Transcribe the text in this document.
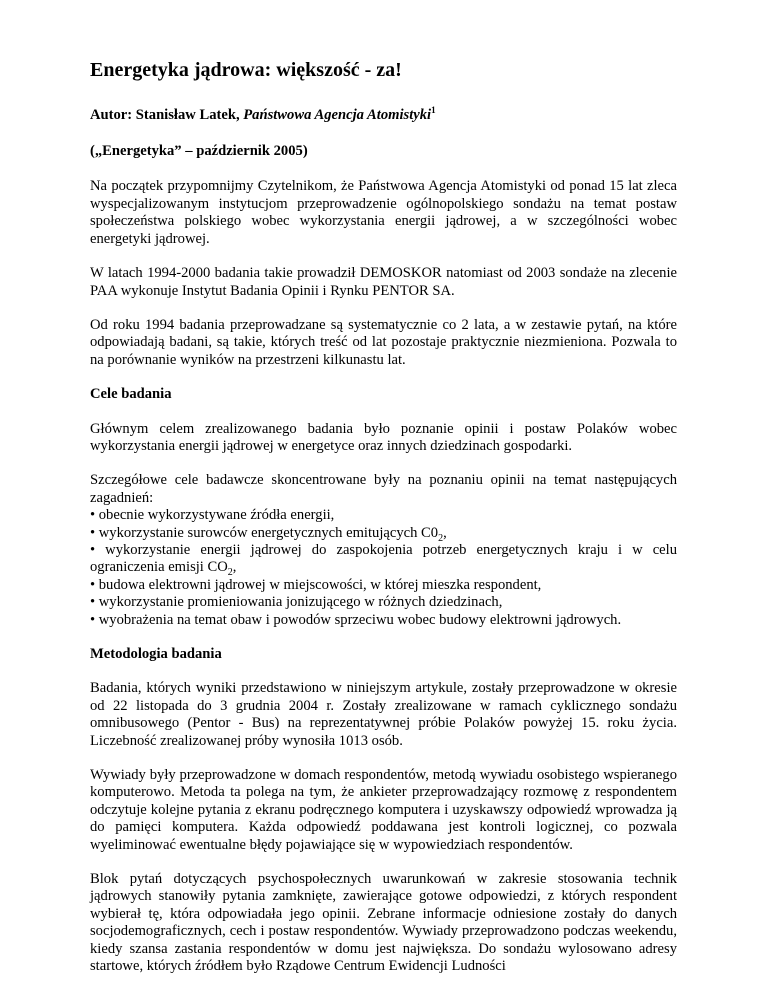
Energetyka jądrowa: większość - za!
Autor: Stanisław Latek, Państwowa Agencja Atomistyki$^1$
(„Energetyka” – październik 2005)

Na początek przypomnijmy Czytelnikom, że Państwowa Agencja Atomistyki od ponad 15 lat zleca wyspecjalizowanym instytucjom przeprowadzenie ogólnopolskiego sondażu na temat postaw społeczeństwa polskiego wobec wykorzystania energii jądrowej, a w szczególności wobec energetyki jądrowej.

W latach 1994-2000 badania takie prowadził DEMOSKOR natomiast od 2003 sondaże na zlecenie PAA wykonuje Instytut Badania Opinii i Rynku PENTOR SA.

Od roku 1994 badania przeprowadzane są systematycznie co 2 lata, a w zestawie pytań, na które odpowiadają badani, są takie, których treść od lat pozostaje praktycznie niezmieniona. Pozwala to na porównanie wyników na przestrzeni kilkunastu lat.

Cele badania

Głównym celem zrealizowanego badania było poznanie opinii i postaw Polaków wobec wykorzystania energii jądrowej w energetyce oraz innych dziedzinach gospodarki.

Szczegółowe cele badawcze skoncentrowane były na poznaniu opinii na temat następujących zagadnień:
• obecnie wykorzystywane źródła energii,
• wykorzystanie surowców energetycznych emitujących $C0_2$,
• wykorzystanie energii jądrowej do zaspokojenia potrzeb energetycznych kraju i w celu ograniczenia emisji $CO_2$,
• budowa elektrowni jądrowej w miejscowości, w której mieszka respondent,
• wykorzystanie promieniowania jonizującego w różnych dziedzinach,
• wyobrażenia na temat obaw i powodów sprzeciwu wobec budowy elektrowni jądrowych.
Metodologia badania

Badania, których wyniki przedstawiono w niniejszym artykule, zostały przeprowadzone w okresie od 22 listopada do 3 grudnia 2004 r. Zostały zrealizowane w ramach cyklicznego sondażu omnibusowego (Pentor - Bus) na reprezentatywnej próbie Polaków powyżej 15. roku życia. Liczebność zrealizowanej próby wynosiła 1013 osób.

Wywiady były przeprowadzone w domach respondentów, metodą wywiadu osobistego wspieranego komputerowo. Metoda ta polega na tym, że ankieter przeprowadzający rozmowę z respondentem odczytuje kolejne pytania z ekranu podręcznego komputera i uzyskawszy odpowiedź wprowadza ją do pamięci komputera. Każda odpowiedź poddawana jest kontroli logicznej, co pozwala wyeliminować ewentualne błędy pojawiające się w wypowiedziach respondentów.

Blok pytań dotyczących psychospołecznych uwarunkowań w zakresie stosowania technik jądrowych stanowiły pytania zamknięte, zawierające gotowe odpowiedzi, z których respondent wybierał tę, która odpowiadała jego opinii. Zebrane informacje odniesione zostały do danych socjodemograficznych, cech i postaw respondentów. Wywiady przeprowadzono podczas weekendu, kiedy szansa zastania respondentów w domu jest największa. Do sondażu wylosowano adresy startowe, których źródłem było Rządowe Centrum Ewidencji Ludności
